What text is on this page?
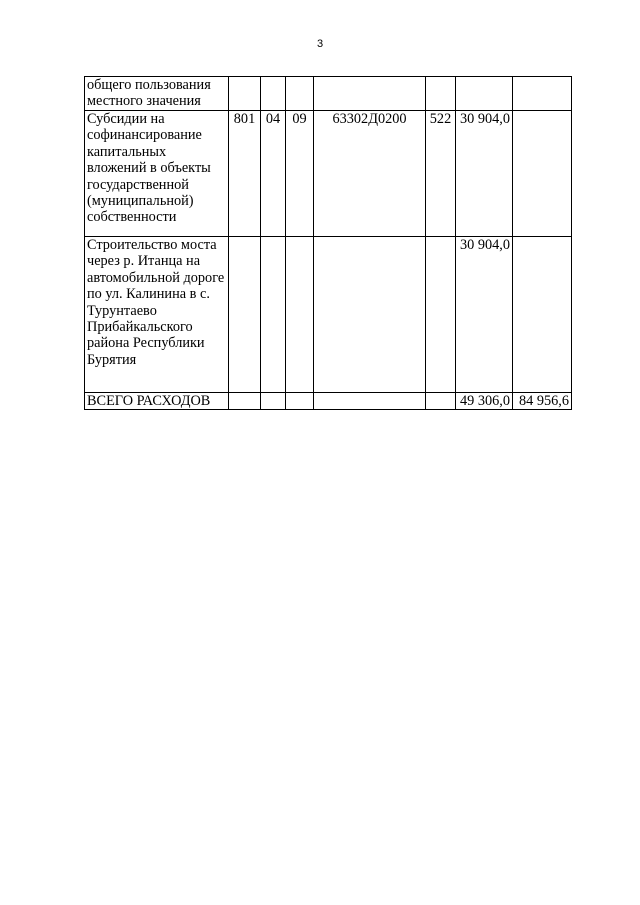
3
общего пользования местного значения							
Субсидии на софинансирование капитальных вложений в объекты государственной (муниципальной) собственности	801	04	09	63302Д0200	522	30 904,0	
Строительство моста через р. Итанца на автомобильной дороге по ул. Калинина в с. Турунтаево Прибайкальского района Республики Бурятия						30 904,0	
ВСЕГО РАСХОДОВ						49 306,0	84 956,6
